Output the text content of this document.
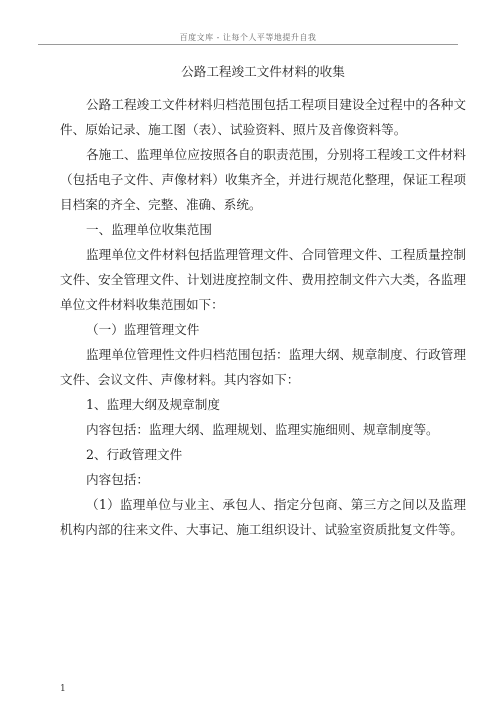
百度文库 - 让每个人平等地提升自我
公路工程竣工文件材料的收集

公路工程竣工文件材料归档范围包括工程项目建设全过程中的各种文件、原始记录、施工图（表）、试验资料、照片及音像资料等。

各施工、监理单位应按照各自的职责范围，分别将工程竣工文件材料（包括电子文件、声像材料）收集齐全，并进行规范化整理，保证工程项目档案的齐全、完整、准确、系统。

一、监理单位收集范围

监理单位文件材料包括监理管理文件、合同管理文件、工程质量控制文件、安全管理文件、计划进度控制文件、费用控制文件六大类，各监理单位文件材料收集范围如下：

（一）监理管理文件

监理单位管理性文件归档范围包括：监理大纲、规章制度、行政管理文件、会议文件、声像材料。其内容如下：

1、监理大纲及规章制度

内容包括：监理大纲、监理规划、监理实施细则、规章制度等。

2、行政管理文件

内容包括：

（1）监理单位与业主、承包人、指定分包商、第三方之间以及监理机构内部的往来文件、大事记、施工组织设计、试验室资质批复文件等。

1
